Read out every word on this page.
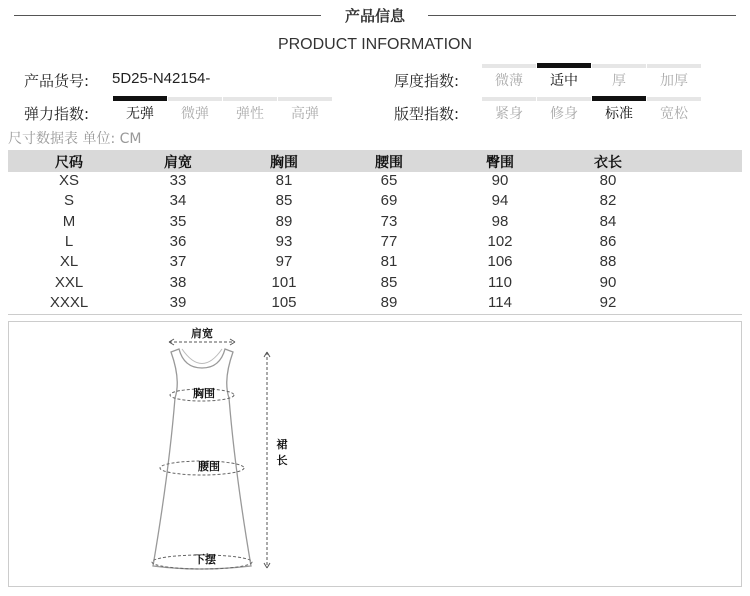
产品信息
PRODUCT INFORMATION
产品货号: 5D25-N42154-
弹力指数:	无弹	微弹	弹性	高弹
厚度指数:	微薄	适中	厚	加厚
版型指数:	紧身	修身	标准	宽松
尺寸数据表 单位: CM
尺码	肩宽	胸围	腰围	臀围	衣长
XS	33	81	65	90	80
S	34	85	69	94	82
M	35	89	73	98	84
L	36	93	77	102	86
XL	37	97	81	106	88
XXL	38	101	85	110	90
XXXL	39	105	89	114	92
肩宽
胸围
腰围
下摆
裙
长
